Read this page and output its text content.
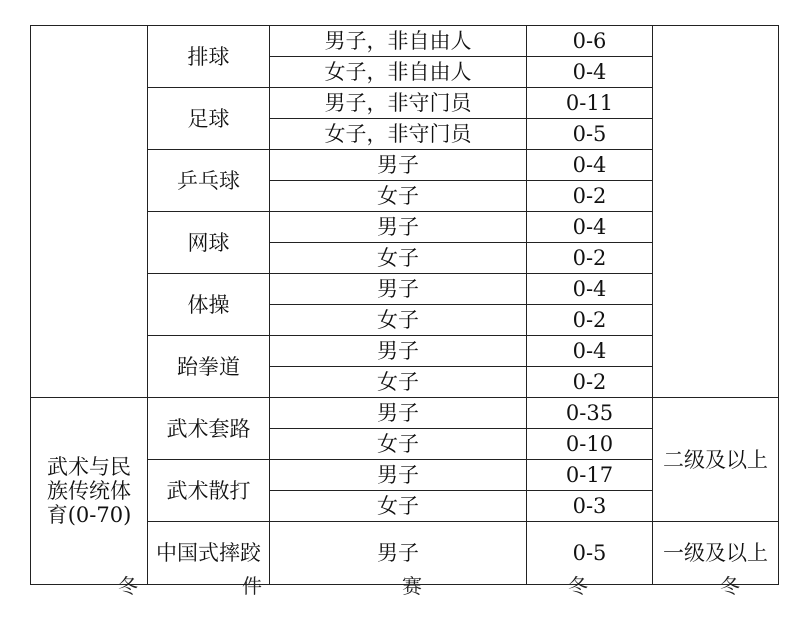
	排球	男子，非自由人	0-6	
		女子，非自由人	0-4	
	足球	男子，非守门员	0-11	
		女子，非守门员	0-5	
	乒乓球	男子	0-4	
		女子	0-2	
	网球	男子	0-4	
		女子	0-2	
	体操	男子	0-4	
		女子	0-2	
	跆拳道	男子	0-4	
		女子	0-2	
武术与民族传统体育(0-70)	武术套路	男子	0-35	二级及以上
		女子	0-10	
	武术散打	男子	0-17	
		女子	0-3	
	中国式摔跤	男子	0-5	一级及以上
冬	件	赛	冬	冬
